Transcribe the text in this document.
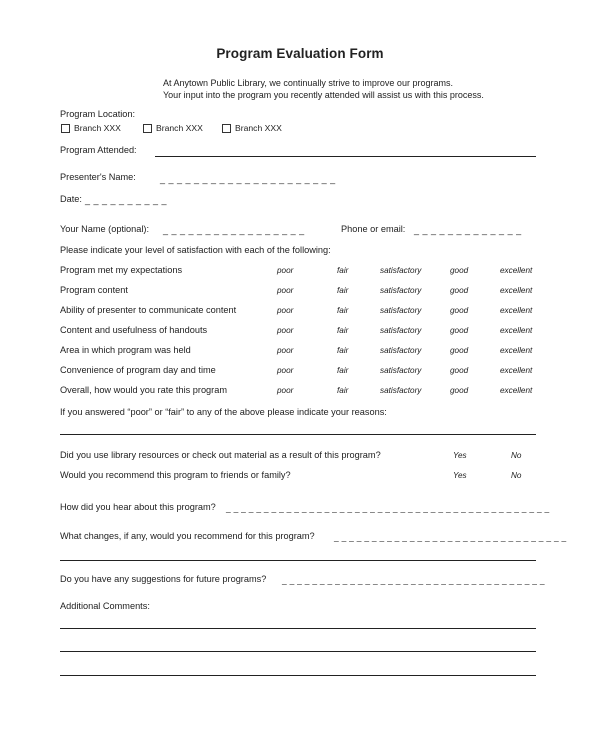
Program Evaluation Form
At Anytown Public Library, we continually strive to improve our programs.
Your input into the program you recently attended will assist us with this process.
Program Location:
Branch XXX	Branch XXX	Branch XXX
Program Attended:
Presenter's Name:	_ _ _ _ _ _ _ _ _ _ _ _ _ _ _ _ _ _ _ _ _
Date: _ _ _ _ _ _ _ _ _ _
Your Name (optional): _ _ _ _ _ _ _ _ _ _ _ _ _ _ _ _ _	Phone or email: _ _ _ _ _ _ _ _ _ _ _ _ _
Please indicate your level of satisfaction with each of the following:
Program met my expectations	poor	fair	satisfactory	good	excellent
Program content	poor	fair	satisfactory	good	excellent
Ability of presenter to communicate content	poor	fair	satisfactory	good	excellent
Content and usefulness of handouts	poor	fair	satisfactory	good	excellent
Area in which program was held	poor	fair	satisfactory	good	excellent
Convenience of program day and time	poor	fair	satisfactory	good	excellent
Overall, how would you rate this program	poor	fair	satisfactory	good	excellent
If you answered “poor” or “fair” to any of the above please indicate your reasons:
Did you use library resources or check out material as a result of this program?	Yes	No
Would you recommend this program to friends or family?	Yes	No
How did you hear about this program? _ _ _ _ _ _ _ _ _ _ _ _ _ _ _ _ _ _ _ _ _ _ _ _ _ _ _ _ _ _ _ _ _ _ _ _ _ _ _ _ _ _ _
What changes, if any, would you recommend for this program? _ _ _ _ _ _ _ _ _ _ _ _ _ _ _ _ _ _ _ _ _ _ _ _ _ _ _ _ _ _ _
Do you have any suggestions for future programs? _ _ _ _ _ _ _ _ _ _ _ _ _ _ _ _ _ _ _ _ _ _ _ _ _ _ _ _ _ _ _ _ _ _ _
Additional Comments:
